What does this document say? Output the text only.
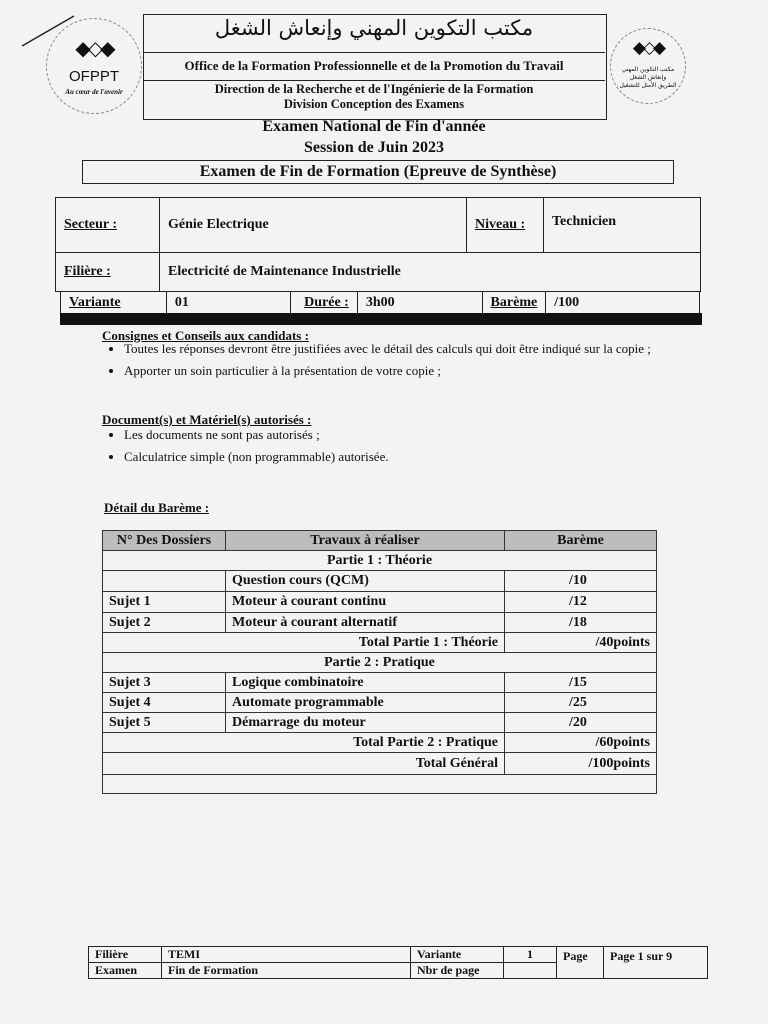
◆◇◆
OFPPT
Au cœur de l'avenir
◆◇◆
مكتب التكوين المهني
وإنعاش الشغل
الطريق الأمثل للتشغيل
مكتب التكوين المهني وإنعاش الشغل
Office de la Formation Professionnelle et de la Promotion du Travail
Direction de la Recherche et de l'Ingénierie de la Formation
Division Conception des Examens
Examen National de Fin d'année
Session de Juin 2023
Examen de Fin de Formation (Epreuve de Synthèse)
Secteur :	Génie Electrique	Niveau :	Technicien
Filière :	Electricité de Maintenance Industrielle		
Variante	01	Durée :	3h00	Barème	/100
Consignes et Conseils aux candidats :
• Toutes les réponses devront être justifiées avec le détail des calculs qui doit être indiqué sur la copie ;
• Apporter un soin particulier à la présentation de votre copie ;
Document(s) et Matériel(s) autorisés :
• Les documents ne sont pas autorisés ;
• Calculatrice simple (non programmable) autorisée.
Détail du Barème :
N° Des Dossiers	Travaux à réaliser	Barème
Partie 1 : Théorie		
	Question cours (QCM)	/10
Sujet 1	Moteur à courant continu	/12
Sujet 2	Moteur à courant alternatif	/18
Total Partie 1 : Théorie		/40points
Partie 2 : Pratique		
Sujet 3	Logique combinatoire	/15
Sujet 4	Automate programmable	/25
Sujet 5	Démarrage du moteur	/20
Total Partie 2 : Pratique		/60points
Total Général		/100points

Filière	TEMI	Variante	1	Page	Page 1 sur 9
Examen	Fin de Formation	Nbr de page			
